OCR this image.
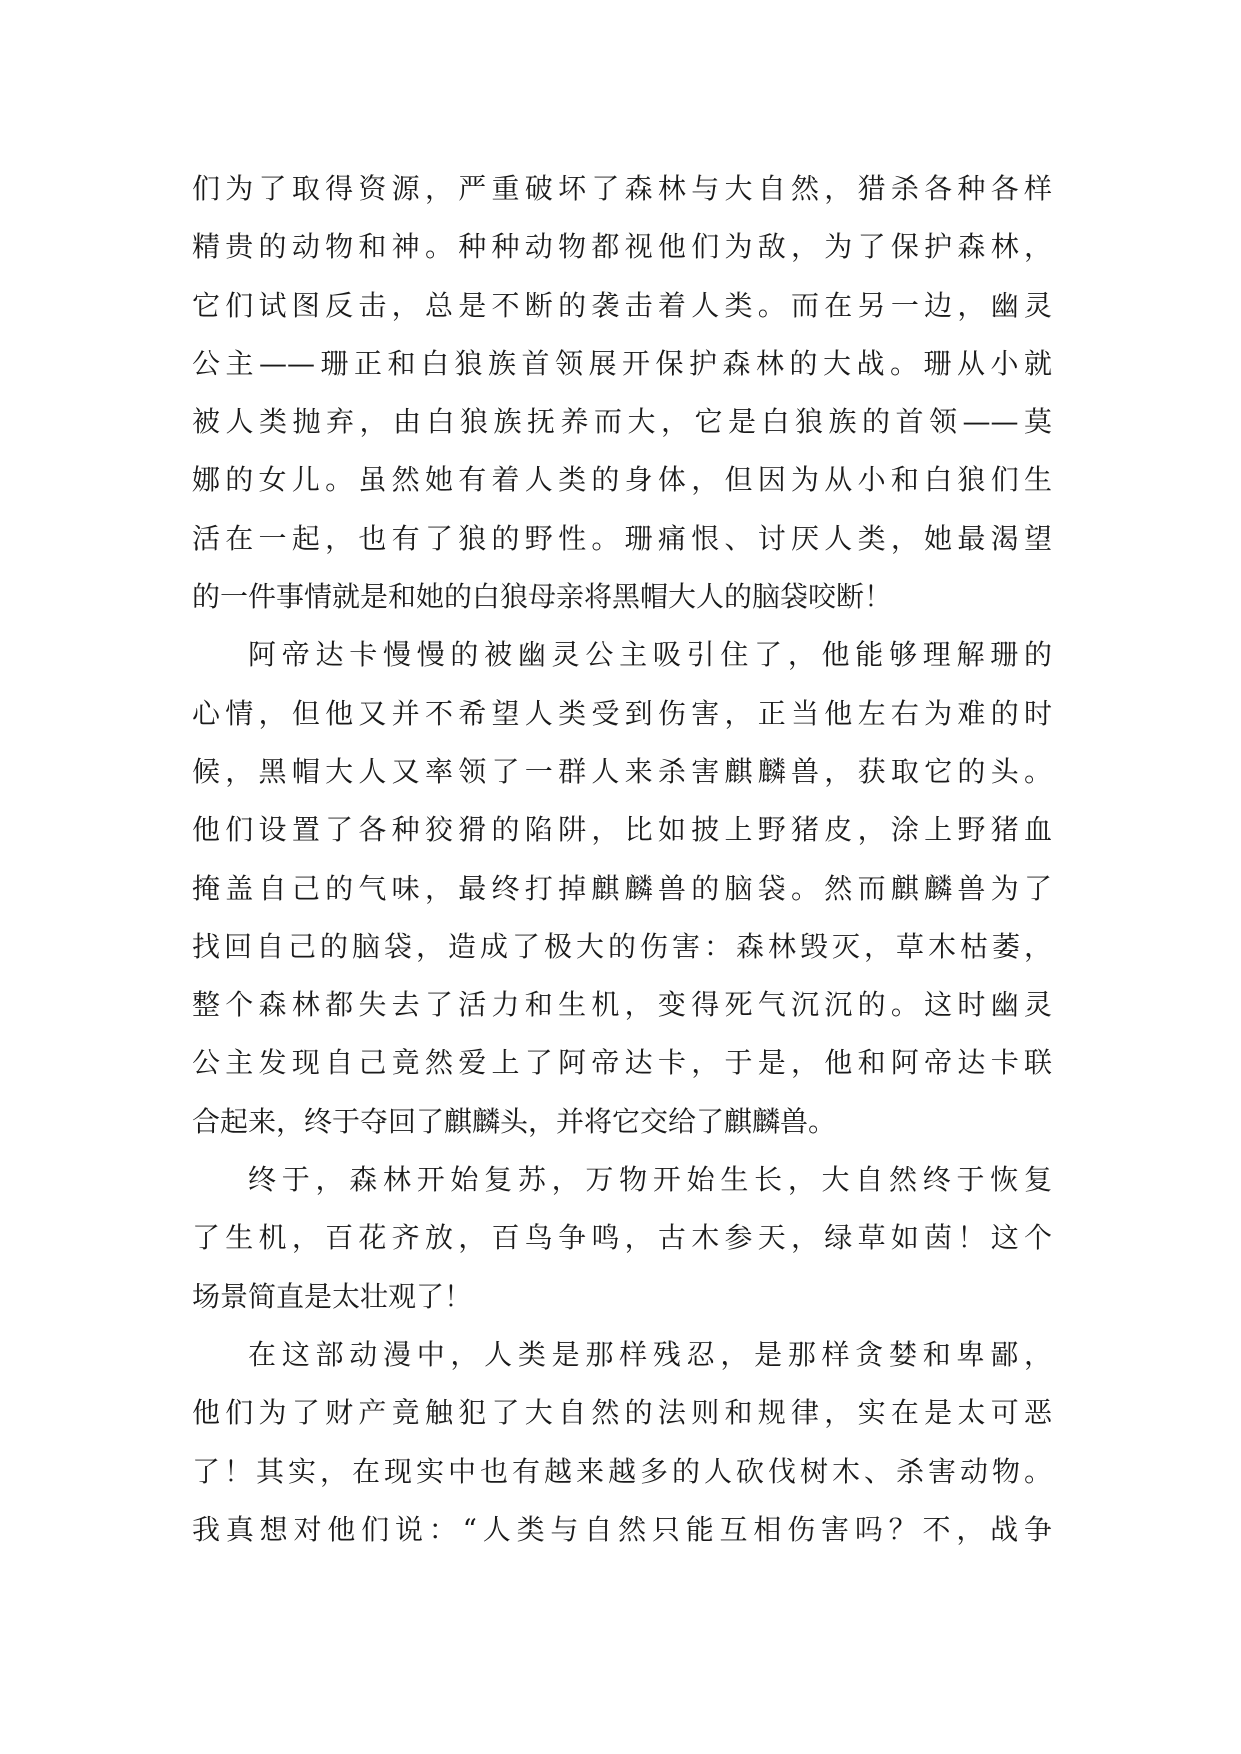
们为了取得资源，严重破坏了森林与大自然，猎杀各种各样
精贵的动物和神。种种动物都视他们为敌，为了保护森林，
它们试图反击，总是不断的袭击着人类。而在另一边，幽灵
公主——珊正和白狼族首领展开保护森林的大战。珊从小就
被人类抛弃，由白狼族抚养而大，它是白狼族的首领——莫
娜的女儿。虽然她有着人类的身体，但因为从小和白狼们生
活在一起，也有了狼的野性。珊痛恨、讨厌人类，她最渴望
的一件事情就是和她的白狼母亲将黑帽大人的脑袋咬断！
阿帝达卡慢慢的被幽灵公主吸引住了，他能够理解珊的
心情，但他又并不希望人类受到伤害，正当他左右为难的时
候，黑帽大人又率领了一群人来杀害麒麟兽，获取它的头。
他们设置了各种狡猾的陷阱，比如披上野猪皮，涂上野猪血
掩盖自己的气味，最终打掉麒麟兽的脑袋。然而麒麟兽为了
找回自己的脑袋，造成了极大的伤害：森林毁灭，草木枯萎，
整个森林都失去了活力和生机，变得死气沉沉的。这时幽灵
公主发现自己竟然爱上了阿帝达卡，于是，他和阿帝达卡联
合起来，终于夺回了麒麟头，并将它交给了麒麟兽。
终于，森林开始复苏，万物开始生长，大自然终于恢复
了生机，百花齐放，百鸟争鸣，古木参天，绿草如茵！这个
场景简直是太壮观了！
在这部动漫中，人类是那样残忍，是那样贪婪和卑鄙，
他们为了财产竟触犯了大自然的法则和规律，实在是太可恶
了！其实，在现实中也有越来越多的人砍伐树木、杀害动物。
我真想对他们说：“人类与自然只能互相伤害吗？不，战争
